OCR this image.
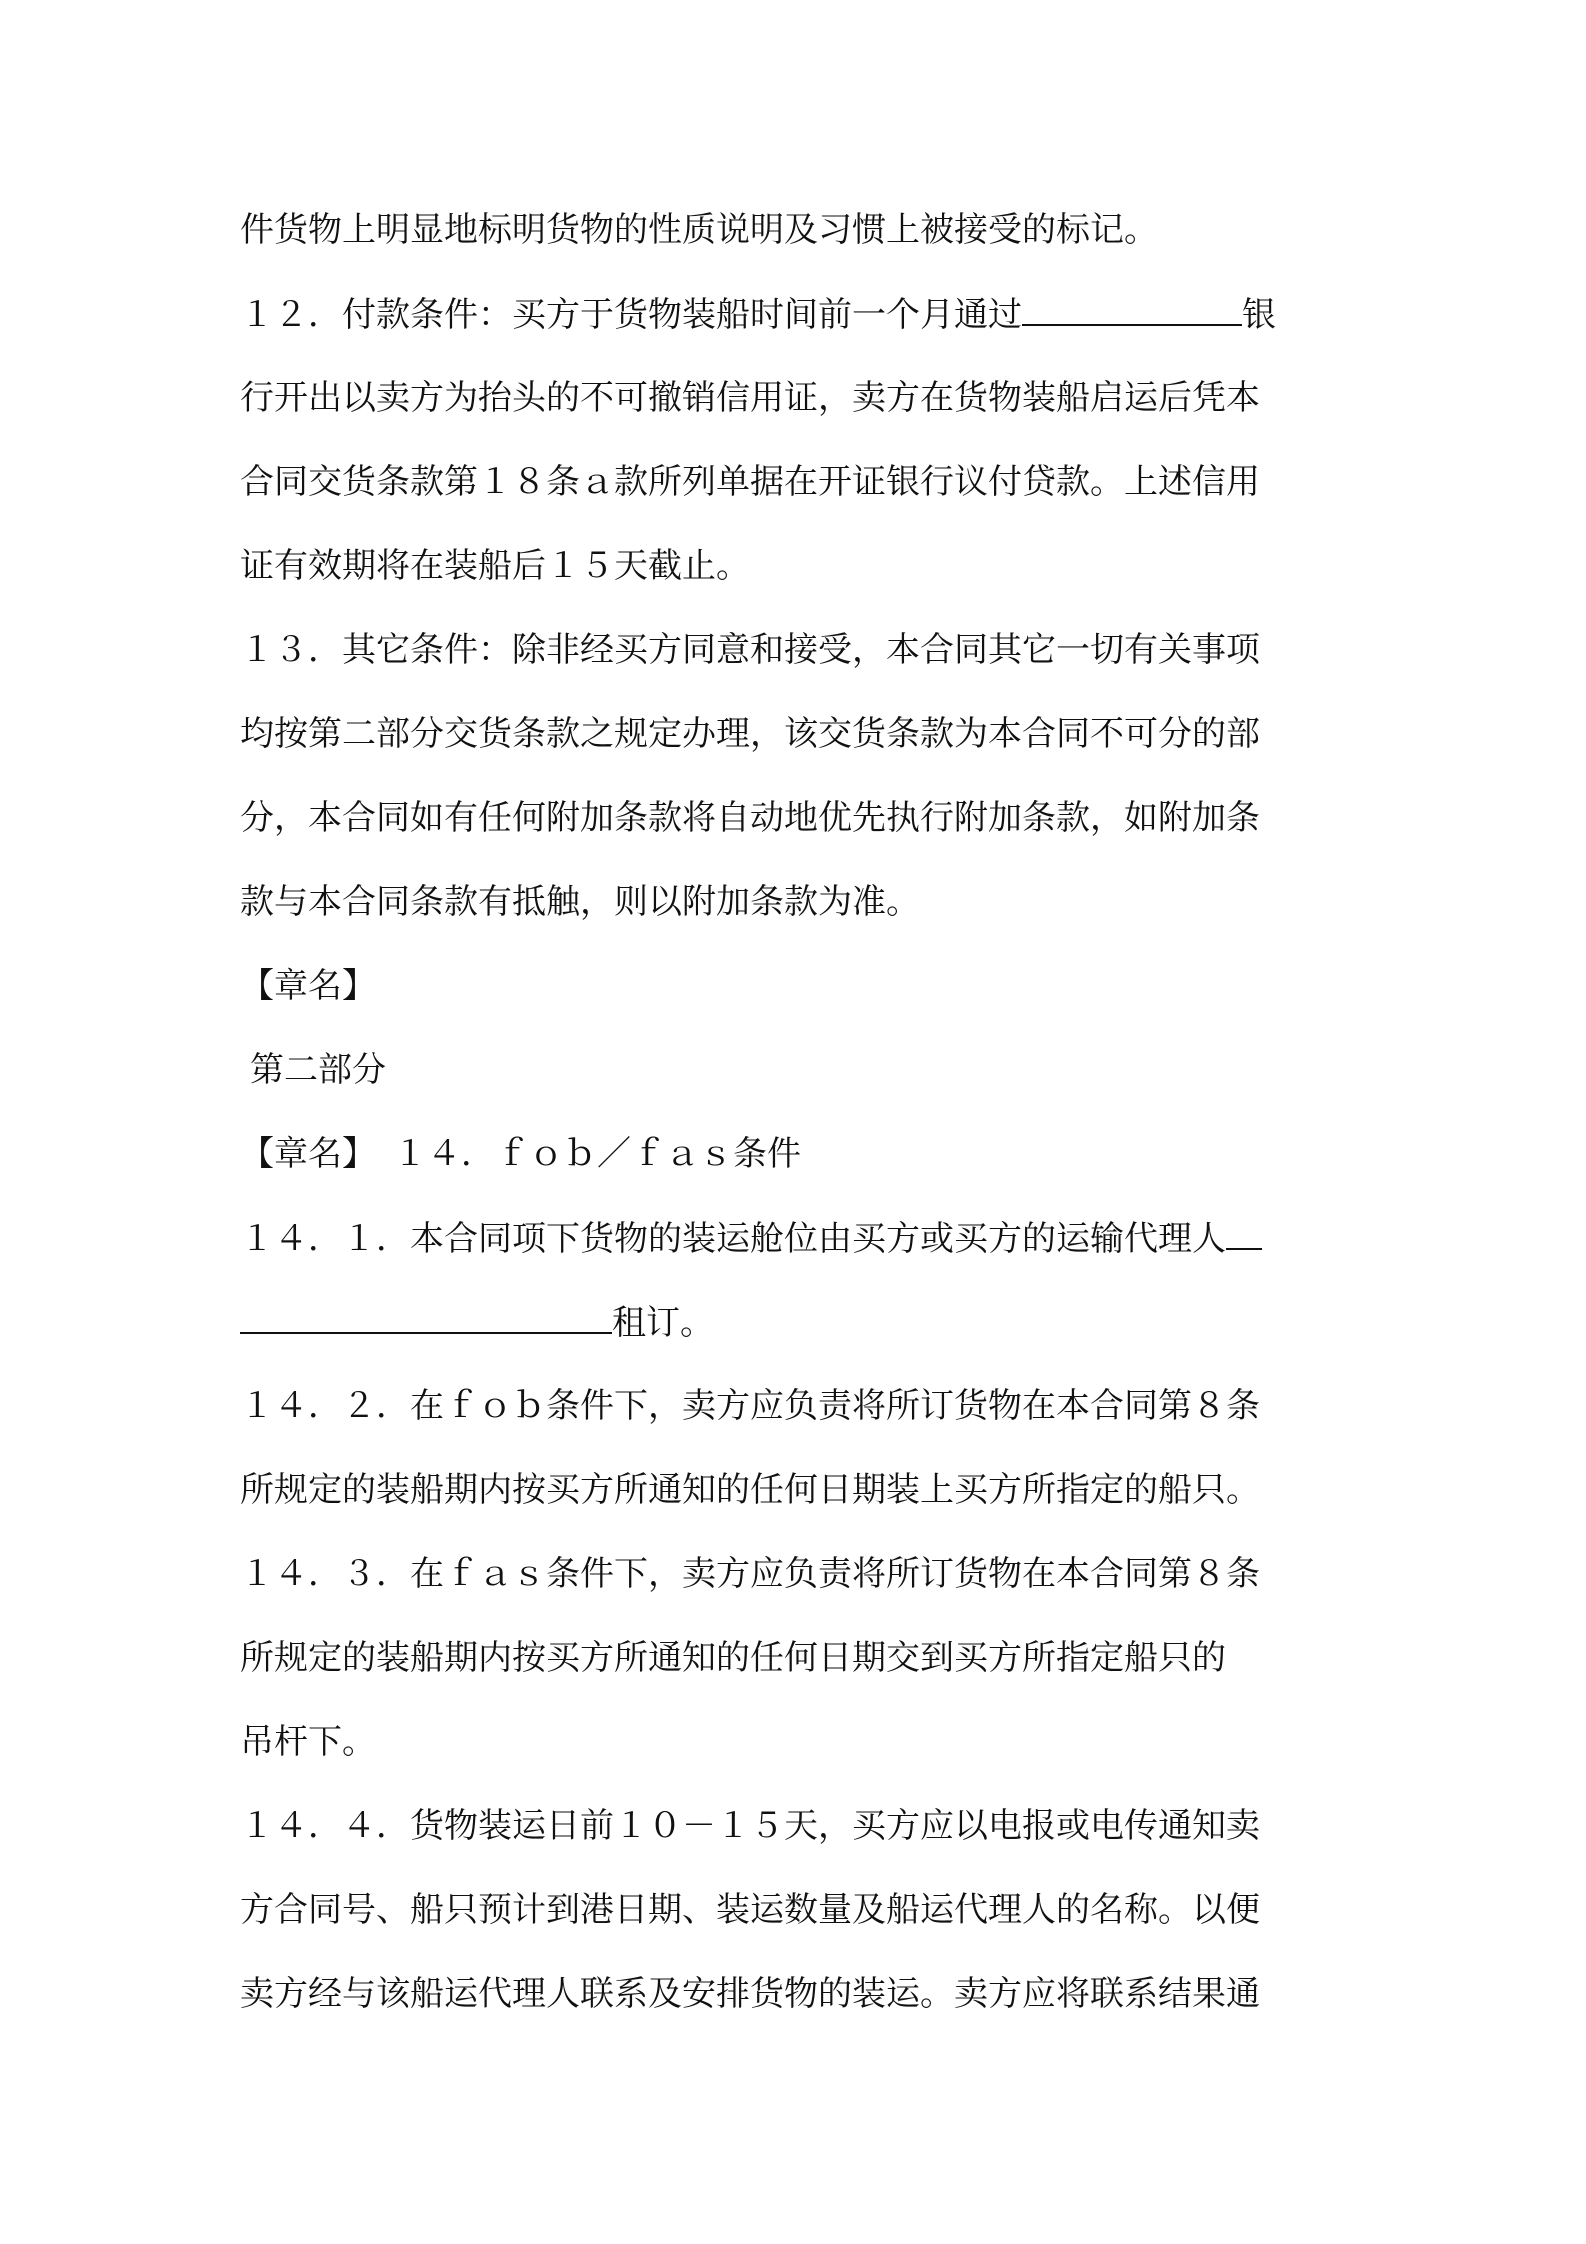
件货物上明显地标明货物的性质说明及习惯上被接受的标记。
１２．付款条件：买方于货物装船时间前一个月通过	银
行开出以卖方为抬头的不可撤销信用证，卖方在货物装船启运后凭本
合同交货条款第１８条ａ款所列单据在开证银行议付贷款。上述信用
证有效期将在装船后１５天截止。
１３．其它条件：除非经买方同意和接受，本合同其它一切有关事项
均按第二部分交货条款之规定办理，该交货条款为本合同不可分的部
分，本合同如有任何附加条款将自动地优先执行附加条款，如附加条
款与本合同条款有抵触，则以附加条款为准。
【章名】
第二部分
【章名】　１４．ｆｏｂ／ｆａｓ条件
１４．１．本合同项下货物的装运舱位由买方或买方的运输代理人
租订。
１４．２．在ｆｏｂ条件下，卖方应负责将所订货物在本合同第８条
所规定的装船期内按买方所通知的任何日期装上买方所指定的船只。
１４．３．在ｆａｓ条件下，卖方应负责将所订货物在本合同第８条
所规定的装船期内按买方所通知的任何日期交到买方所指定船只的
吊杆下。
１４．４．货物装运日前１０－１５天，买方应以电报或电传通知卖
方合同号、船只预计到港日期、装运数量及船运代理人的名称。以便
卖方经与该船运代理人联系及安排货物的装运。卖方应将联系结果通
